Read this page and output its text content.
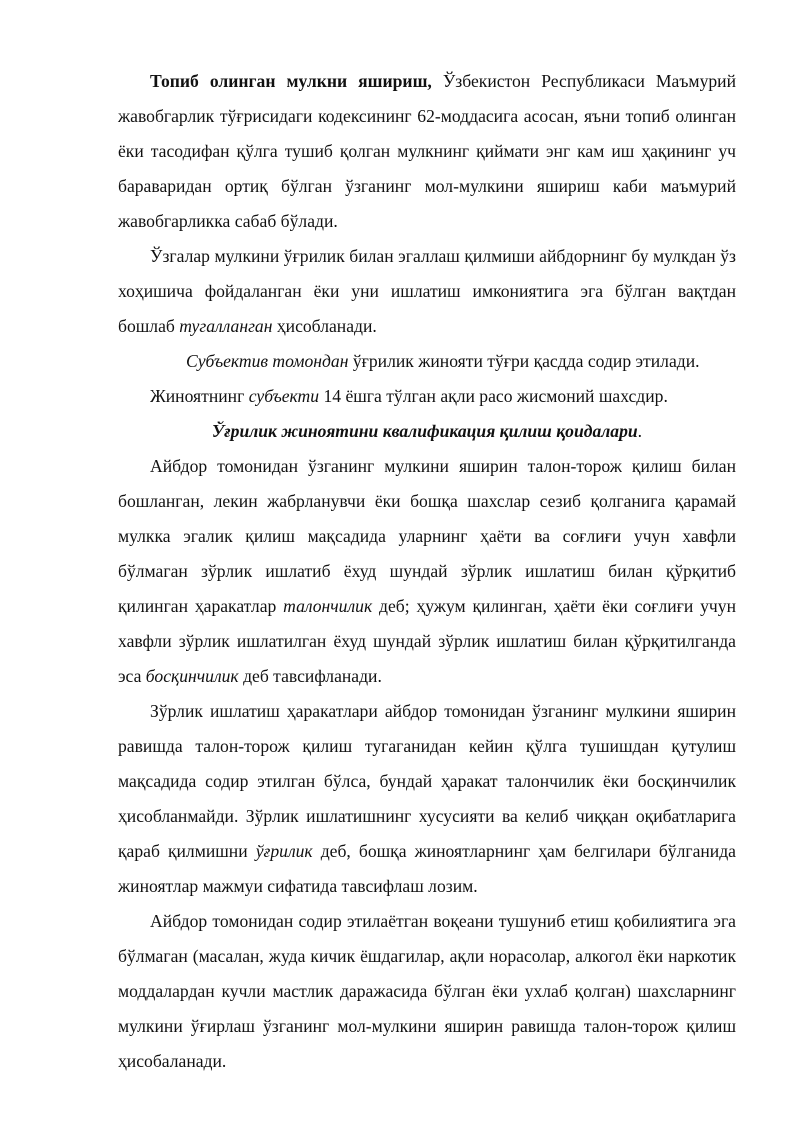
Топиб олинган мулкни яшириш, Ўзбекистон Республикаси Маъмурий жавобгарлик тўғрисидаги кодексининг 62-моддасига асосан, яъни топиб олинган ёки тасодифан қўлга тушиб қолган мулкнинг қиймати энг кам иш ҳақининг уч бараваридан ортиқ бўлган ўзганинг мол-мулкини яшириш каби маъмурий жавобгарликка сабаб бўлади.

Ўзгалар мулкини ўғрилик билан эгаллаш қилмиши айбдорнинг бу мулкдан ўз хоҳишича фойдаланган ёки уни ишлатиш имкониятига эга бўлган вақтдан бошлаб тугалланган ҳисобланади.

Субъектив томондан ўғрилик жинояти тўғри қасдда содир этилади.

Жиноятнинг субъекти 14 ёшга тўлган ақли расо жисмоний шахсдир.

Ўғрилик жиноятини квалификация қилиш қоидалари.

Айбдор томонидан ўзганинг мулкини яширин талон-торож қилиш билан бошланган, лекин жабрланувчи ёки бошқа шахслар сезиб қолганига қарамай мулкка эгалик қилиш мақсадида уларнинг ҳаёти ва соғлиғи учун хавфли бўлмаган зўрлик ишлатиб ёхуд шундай зўрлик ишлатиш билан қўрқитиб қилинган ҳаракатлар талончилик деб; ҳужум қилинган, ҳаёти ёки соғлиғи учун хавфли зўрлик ишлатилган ёхуд шундай зўрлик ишлатиш билан қўрқитилганда эса босқинчилик деб тавсифланади.

Зўрлик ишлатиш ҳаракатлари айбдор томонидан ўзганинг мулкини яширин равишда талон-торож қилиш тугаганидан кейин қўлга тушишдан қутулиш мақсадида содир этилган бўлса, бундай ҳаракат талончилик ёки босқинчилик ҳисобланмайди. Зўрлик ишлатишнинг хусусияти ва келиб чиққан оқибатларига қараб қилмишни ўғрилик деб, бошқа жиноятларнинг ҳам белгилари бўлганида жиноятлар мажмуи сифатида тавсифлаш лозим.

Айбдор томонидан содир этилаётган воқеани тушуниб етиш қобилиятига эга бўлмаган (масалан, жуда кичик ёшдагилар, ақли норасолар, алкогол ёки наркотик моддалардан кучли мастлик даражасида бўлган ёки ухлаб қолган) шахсларнинг мулкини ўғирлаш ўзганинг мол-мулкини яширин равишда талон-торож қилиш ҳисобаланади.
